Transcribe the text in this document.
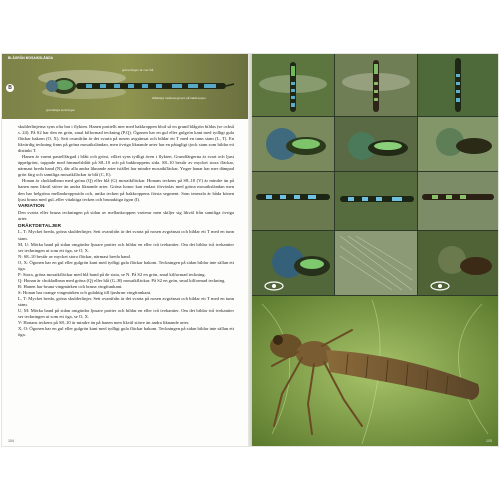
BLÅGRÖN MOSAIKSLÄNDA
B
gröna färgen är mer blå
blåaktiga mellansegment på bakkroppen
grönaktiga teckningar

skulderlinjerna syns ofta bra i flykten. Hanen partiellt mer med bakkroppen blod så en grund blågrön bildas (se också s. 24). På S2 har den en grön, smal kilformad teckning (P,Q). Ögonen har en gul eller gulgrön kant med tydligt gula fläckar bakom (O, X). Sett ovanifrån är det svarta på nosen avgränsat och bildar ett T med en tunn stam (L, T). En likvärdig teckning finns på gröna mosaiksländan, men övriga liknande arter har en påtagligt tjock stam som bildar ett distinkt T.

Hanen är varmt pastellfärgad i blått och grönt, vilket syns tydligt även i flykten. Grundfärgerna är svart och ljust äppelgrönt, toppade med himmelsblått på S8–10 och på bakkroppens sida. S8–10 består av mycket stora fläckar, närmast breda band (N), där alla andra liknande arter istället har mindre mosaikfläckar. Yngre hanar har mer dämpad grön färg och samtliga mosaikfläckar är blå (C, E).

Honan är chokladbrun med gröna (Q) eller blå (G) mosaikfläckar. Honans teckens på S8–10 (V) är mindre än på hanen men likväl större än andra liknande arter. Gröna honor kan endast förväxlas med gröna mosaiksländan men den har helgröna mellankroppssida och, unika tecken på bakkroppens första segment. Som tenerala är båda könen ljust bruna med gul–eller vitaktiga tecken och brunaktiga ögon (I).

VARIATION

Den svarta eller bruna teckningen på sidan av mellankroppen varierar men skiljer sig likväl från samtliga övriga arter.

DRÄKTDETALJER

L, T: Mycket breda, gröna skulderlinjer. Sett ovanifrån är det svarta på nosen avgränsat och bildar ett T med en tunn stam.

M, U: Mörka band på sidan omgärdar ljusare partier och bildar en eller två tvekantier. Om det bildar två tvekantier ser teckningen ut som ett öga, se O, X.

N: S8–10 består av mycket stora fläckar, närmast breda band.

O, X: Ögonen har en gul eller gulgrön kant med tydligt gula fläckar bakom. Teckningen på sidan bildar inte sällan ett öga.

P: Stora, gröna mosaikfläckar med blå band på de sista, se N. På S2 en grön, smal kilformad teckning.

Q: Honan är chokladbrun med gröna (Q) eller blå (G–H) mosaikfläckar. På S2 en grön, smal kilformad teckning.

R: Hanen har bruna vingmärken och bruna vingfrankant.

S: Honan har orange vingmärken och gulaktig till ljusbrun vingfrankant.

L, T: Mycket breda, gröna skulderlinjer. Sett ovanifrån är det svarta på nosen avgränsat och bildar ett T med en tunn stam.

U, M: Mörka band på sidan omgärdar ljusare partier och bildar en eller två tvekantier. Om det bildar två tvekantier ser teckningen ut som ett öga, se O, X.

V: Honans teckens på S8–10 är mindre än på hanen men likväl större än andra liknande arter.

X, O: Ögonen har en gul eller gulgrön kant med tydligt gula fläckar bakom. Teckningen på sidan bildar inte sällan ett öga.

104	105
